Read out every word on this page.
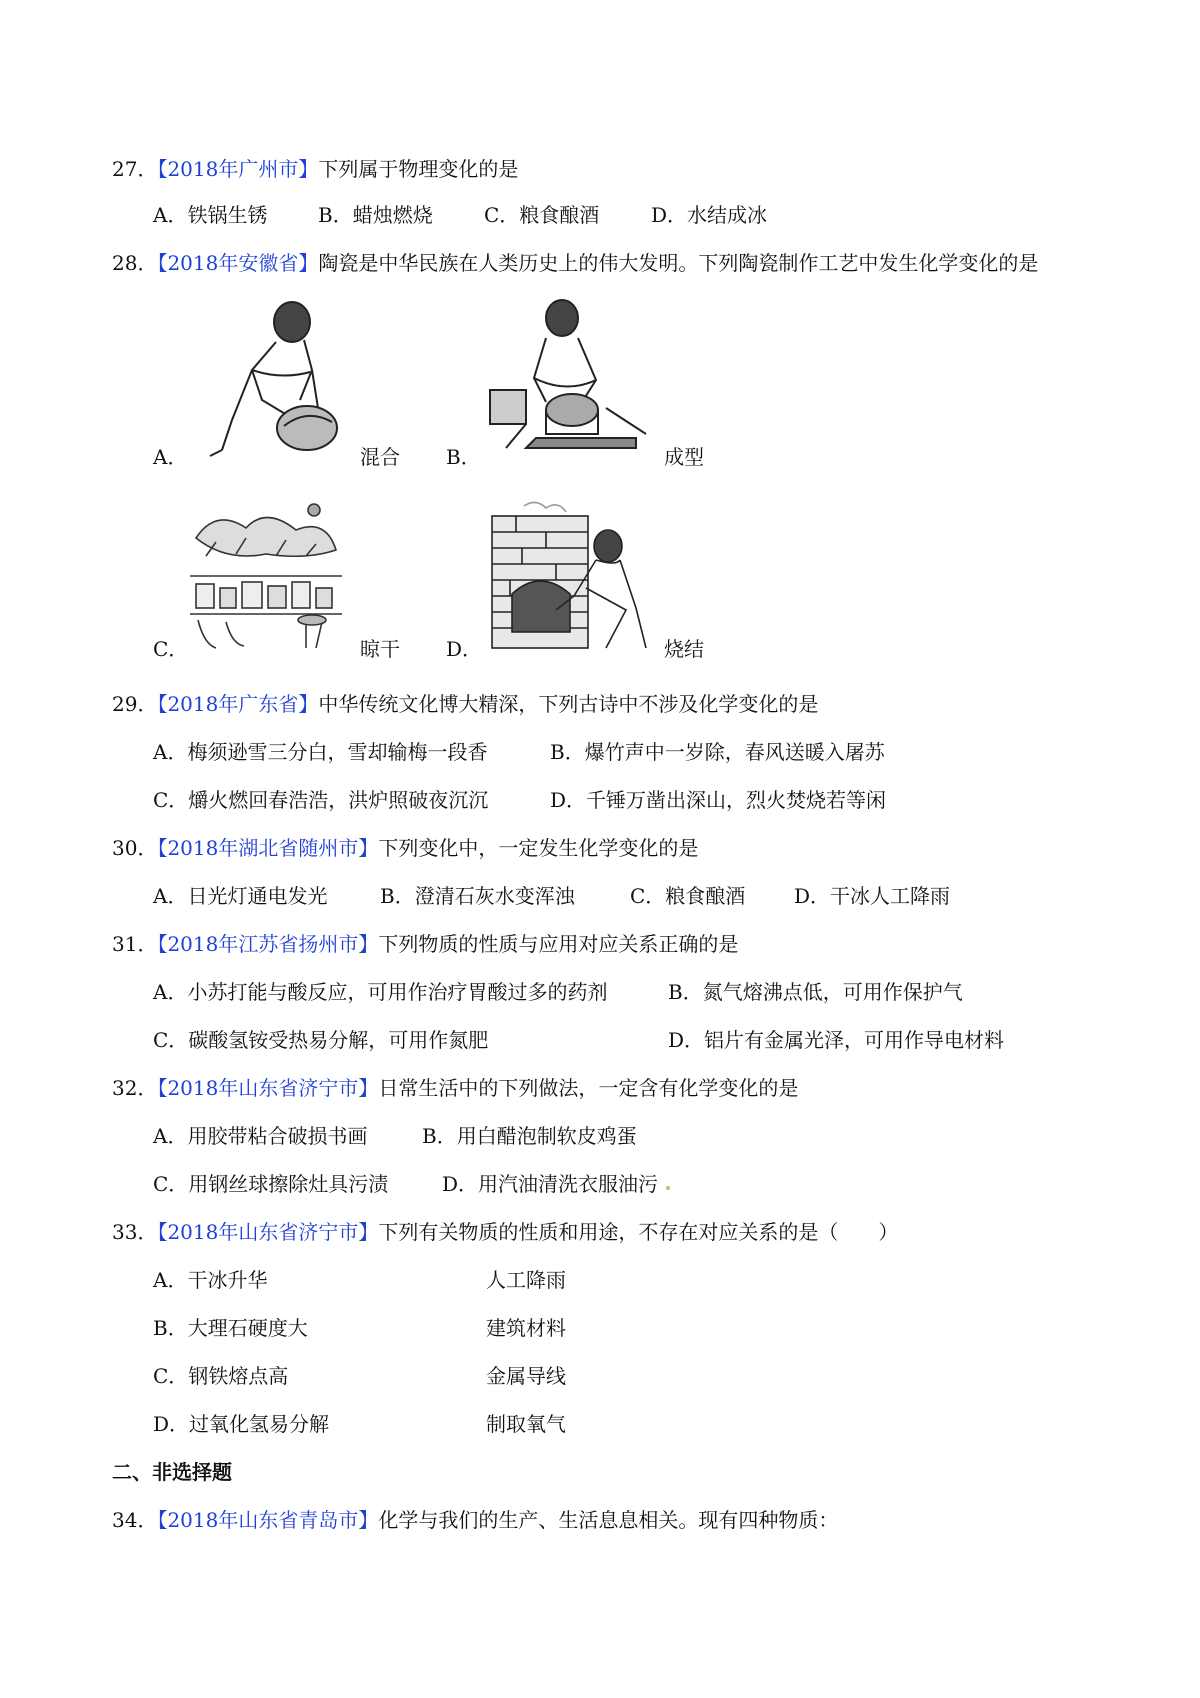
27．【2018年广州市】下列属于物理变化的是
A．铁锅生锈	B．蜡烛燃烧	C．粮食酿酒	D．水结成冰
28．【2018年安徽省】陶瓷是中华民族在人类历史上的伟大发明。下列陶瓷制作工艺中发生化学变化的是
A．	混合 B．	成型
C．	晾干 D．	烧结
29．【2018年广东省】中华传统文化博大精深，下列古诗中不涉及化学变化的是
A．梅须逊雪三分白，雪却输梅一段香	B．爆竹声中一岁除，春风送暖入屠苏
C．爝火燃回春浩浩，洪炉照破夜沉沉	D．千锤万凿出深山，烈火焚烧若等闲
30．【2018年湖北省随州市】下列变化中，一定发生化学变化的是
A．日光灯通电发光	B．澄清石灰水变浑浊	C．粮食酿酒 D．干冰人工降雨
31．【2018年江苏省扬州市】下列物质的性质与应用对应关系正确的是
A．小苏打能与酸反应，可用作治疗胃酸过多的药剂	B．氮气熔沸点低，可用作保护气
C．碳酸氢铵受热易分解，可用作氮肥	D．铝片有金属光泽，可用作导电材料
32．【2018年山东省济宁市】日常生活中的下列做法，一定含有化学变化的是
A．用胶带粘合破损书画	B．用白醋泡制软皮鸡蛋
C．用钢丝球擦除灶具污渍	D．用汽油清洗衣服油污
33．【2018年山东省济宁市】下列有关物质的性质和用途，不存在对应关系的是（　　）
A．干冰升华	人工降雨
B．大理石硬度大	建筑材料
C．钢铁熔点高	金属导线
D．过氧化氢易分解	制取氧气
二、非选择题
34．【2018年山东省青岛市】化学与我们的生产、生活息息相关。现有四种物质：
